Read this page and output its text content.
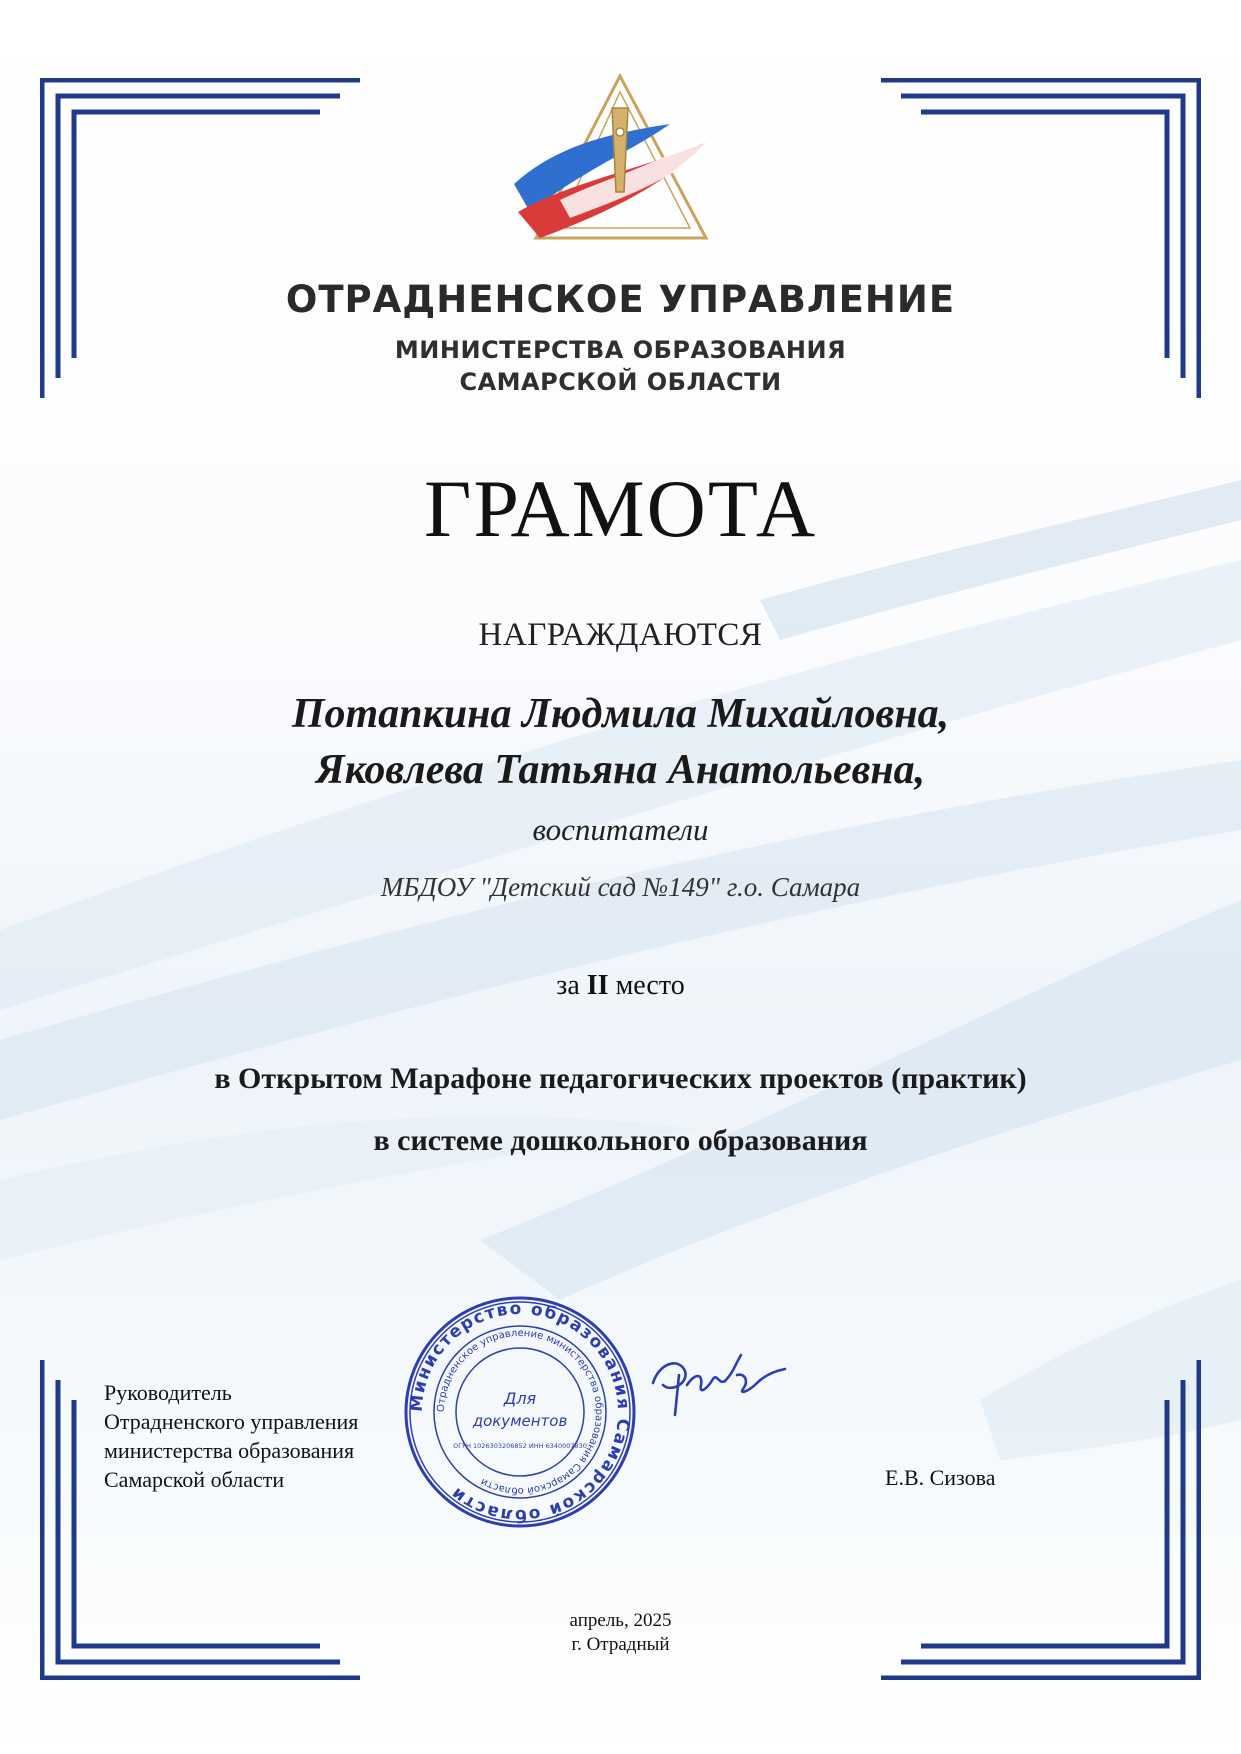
ОТРАДНЕНСКОЕ УПРАВЛЕНИЕ
МИНИСТЕРСТВА ОБРАЗОВАНИЯ
САМАРСКОЙ ОБЛАСТИ
ГРАМОТА
НАГРАЖДАЮТСЯ
Потапкина Людмила Михайловна,
Яковлева Татьяна Анатольевна,
воспитатели
МБДОУ "Детский сад №149" г.о. Самара
за II место
в Открытом Марафоне педагогических проектов (практик)
в системе дошкольного образования
Руководитель
Отрадненского управления
министерства образования
Самарской области
Министерство образования Самарской области
Отрадненское управление министерства образования Самарской области
Для
документов
ОГРН 1026303206852 ИНН 6340007830
Е.В. Сизова
апрель, 2025
г. Отрадный
